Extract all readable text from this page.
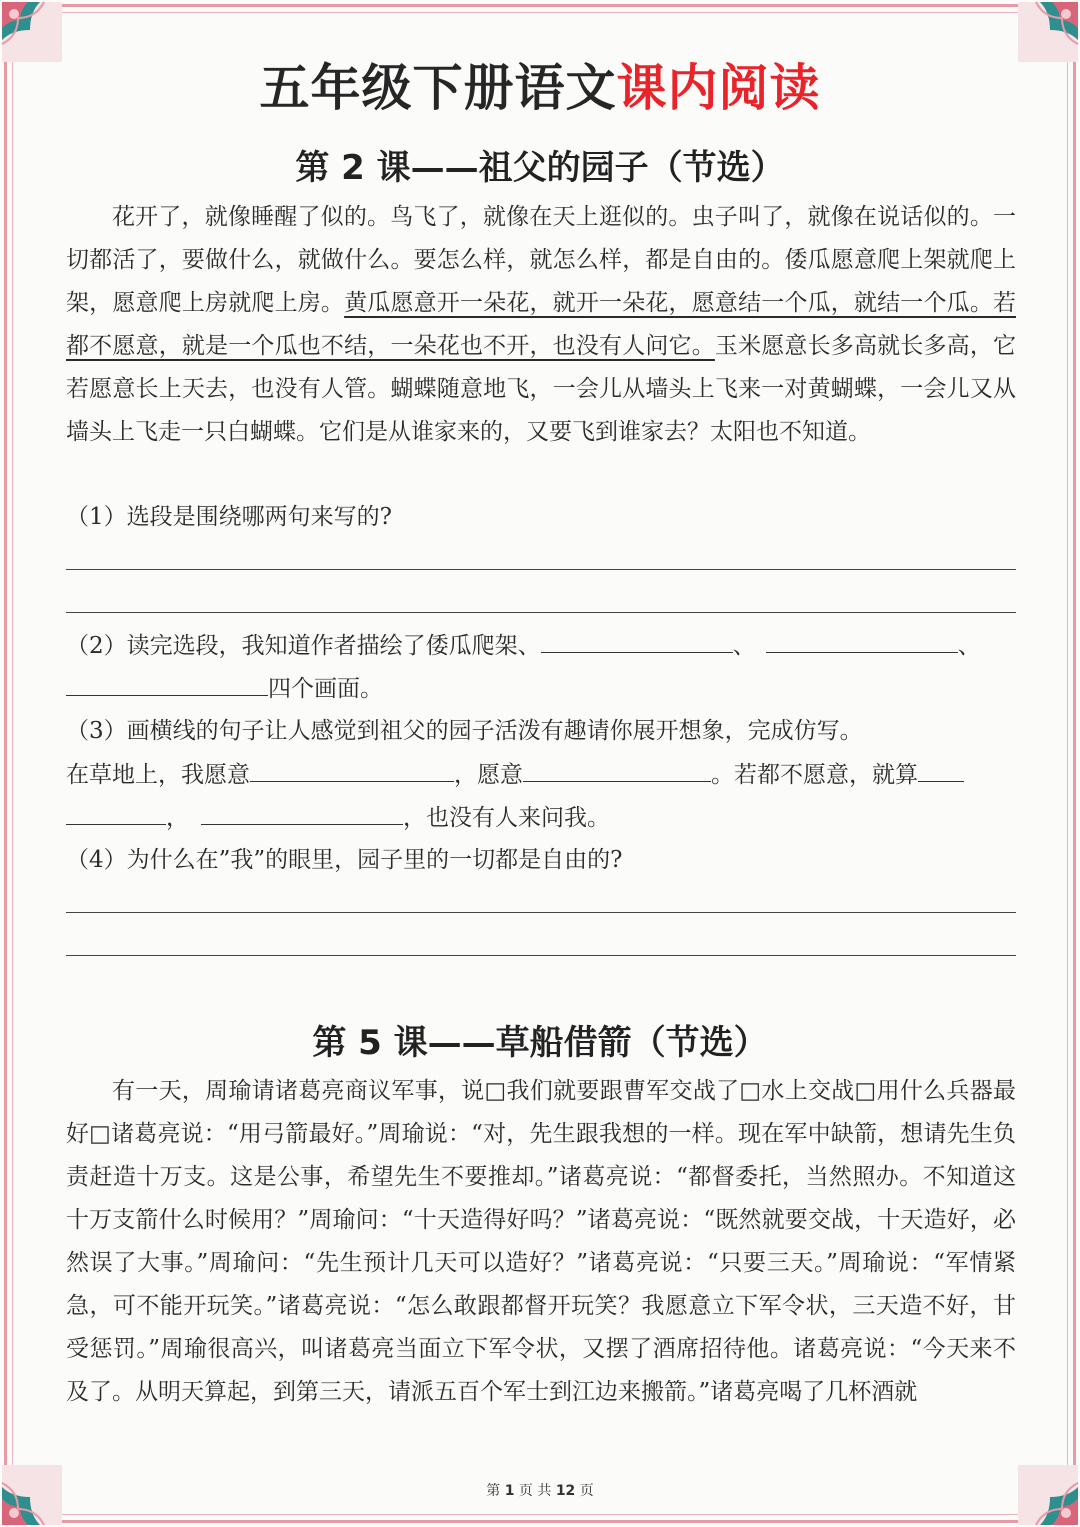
五年级下册语文课内阅读
第 2 课——祖父的园子（节选）

花开了，就像睡醒了似的。鸟飞了，就像在天上逛似的。虫子叫了，就像在说话似的。一切都活了，要做什么，就做什么。要怎么样，就怎么样，都是自由的。倭瓜愿意爬上架就爬上架，愿意爬上房就爬上房。黄瓜愿意开一朵花，就开一朵花，愿意结一个瓜，就结一个瓜。若都不愿意，就是一个瓜也不结，一朵花也不开，也没有人问它。玉米愿意长多高就长多高，它若愿意长上天去，也没有人管。蝴蝶随意地飞，一会儿从墙头上飞来一对黄蝴蝶，一会儿又从墙头上飞走一只白蝴蝶。它们是从谁家来的，又要飞到谁家去？太阳也不知道。

（1）选段是围绕哪两句来写的?
（2）读完选段，我知道作者描绘了倭瓜爬架、	、	、
四个画面。
（3）画横线的句子让人感觉到祖父的园子活泼有趣请你展开想象，完成仿写。
在草地上，我愿意	，愿意	。若都不愿意，就算
，	，也没有人来问我。
（4）为什么在”我”的眼里，园子里的一切都是自由的?
第 5 课——草船借箭（节选）

有一天，周瑜请诸葛亮商议军事，说□我们就要跟曹军交战了□水上交战□用什么兵器最好□诸葛亮说：“用弓箭最好。”周瑜说：“对，先生跟我想的一样。现在军中缺箭，想请先生负责赶造十万支。这是公事，希望先生不要推却。”诸葛亮说：“都督委托，当然照办。不知道这十万支箭什么时候用？”周瑜问：“十天造得好吗？”诸葛亮说：“既然就要交战，十天造好，必然误了大事。”周瑜问：“先生预计几天可以造好？”诸葛亮说：“只要三天。”周瑜说：“军情紧急，可不能开玩笑。”诸葛亮说：“怎么敢跟都督开玩笑？我愿意立下军令状，三天造不好，甘受惩罚。”周瑜很高兴，叫诸葛亮当面立下军令状，又摆了酒席招待他。诸葛亮说：“今天来不及了。从明天算起，到第三天，请派五百个军士到江边来搬箭。”诸葛亮喝了几杯酒就

第 1 页 共 12 页
